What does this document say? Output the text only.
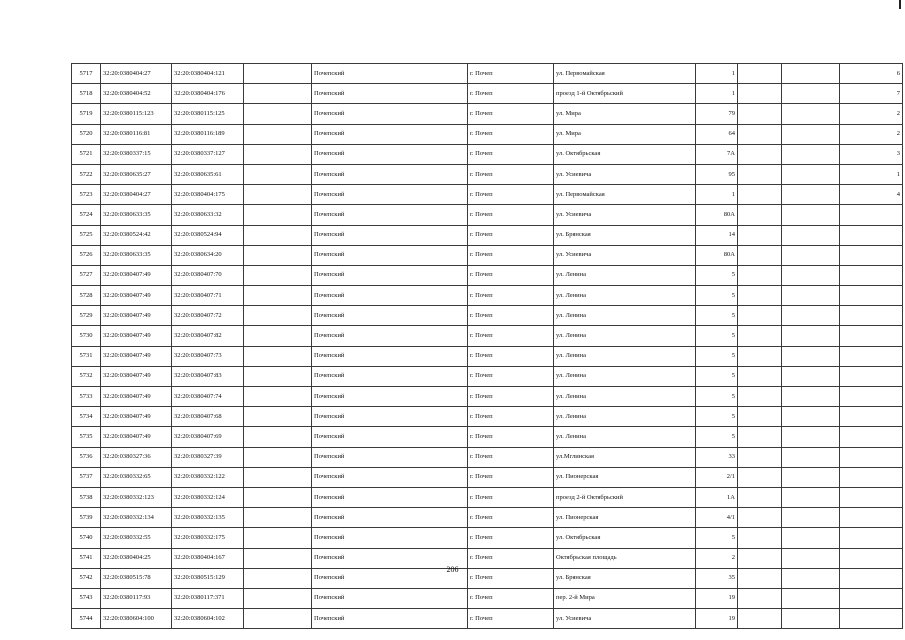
5717	32:20:0380404:27	32:20:0380404:121		Почепский	г. Почеп	ул. Первомайская	1			6
5718	32:20:0380404:52	32:20:0380404:176		Почепский	г. Почеп	проезд 1-й Октябрьский	1			7
5719	32:20:0380115:123	32:20:0380115:125		Почепский	г. Почеп	ул. Мира	79			2
5720	32:20:0380116:81	32:20:0380116:189		Почепский	г. Почеп	ул. Мира	64			2
5721	32:20:0380337:15	32:20:0380337:127		Почепский	г. Почеп	ул. Октябрьская	7А			3
5722	32:20:0380635:27	32:20:0380635:61		Почепский	г. Почеп	ул. Усиевича	95			1
5723	32:20:0380404:27	32:20:0380404:175		Почепский	г. Почеп	ул. Первомайская	1			4
5724	32:20:0380633:35	32:20:0380633:32		Почепский	г. Почеп	ул. Усиевича	80А			
5725	32:20:0380524:42	32:20:0380524:94		Почепский	г. Почеп	ул. Брянская	14			
5726	32:20:0380633:35	32:20:0380634:20		Почепский	г. Почеп	ул. Усиевича	80А			
5727	32:20:0380407:49	32:20:0380407:70		Почепский	г. Почеп	ул. Ленина	5			
5728	32:20:0380407:49	32:20:0380407:71		Почепский	г. Почеп	ул. Ленина	5			
5729	32:20:0380407:49	32:20:0380407:72		Почепский	г. Почеп	ул. Ленина	5			
5730	32:20:0380407:49	32:20:0380407:82		Почепский	г. Почеп	ул. Ленина	5			
5731	32:20:0380407:49	32:20:0380407:73		Почепский	г. Почеп	ул. Ленина	5			
5732	32:20:0380407:49	32:20:0380407:83		Почепский	г. Почеп	ул. Ленина	5			
5733	32:20:0380407:49	32:20:0380407:74		Почепский	г. Почеп	ул. Ленина	5			
5734	32:20:0380407:49	32:20:0380407:68		Почепский	г. Почеп	ул. Ленина	5			
5735	32:20:0380407:49	32:20:0380407:69		Почепский	г. Почеп	ул. Ленина	5			
5736	32:20:0380327:36	32:20:0380327:39		Почепский	г. Почеп	ул.Мглинская	33			
5737	32:20:0380332:65	32:20:0380332:122		Почепский	г. Почеп	ул. Пионерская	2/1			
5738	32:20:0380332:123	32:20:0380332:124		Почепский	г. Почеп	проезд 2-й Октябрьский	1А			
5739	32:20:0380332:134	32:20:0380332:135		Почепский	г. Почеп	ул. Пионерская	4/1			
5740	32:20:0380332:55	32:20:0380332:175		Почепский	г. Почеп	ул. Октябрьская	5			
5741	32:20:0380404:25	32:20:0380404:167		Почепский	г. Почеп	Октябрьская площадь	2			
5742	32:20:0380515:78	32:20:0380515:129		Почепский	г. Почеп	ул. Брянская	35			
5743	32:20:0380117:93	32:20:0380117:371		Почепский	г. Почеп	пер. 2-й Мира	19			
5744	32:20:0380604:100	32:20:0380604:102		Почепский	г. Почеп	ул. Усиевича	19			
206
